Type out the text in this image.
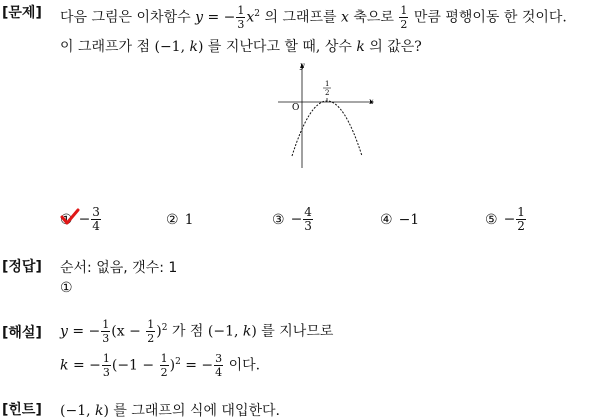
[문제]
[정답]
[해설]
[힌트]
다음 그림은 이차함수 y = − $\frac{1}{3} x^2$ 의 그래프를 x 축으로 $\frac{1}{2}$ 만큼 평행이동 한 것이다.
이 그래프가 점 (−1, k) 를 지난다고 할 때, 상수 k 의 값은?
y
x
O
1
2
① − $\frac{3}{4}$	② 1	③ − $\frac{4}{3}$	④ −1	⑤ − $\frac{1}{2}$
순서: 없음, 갯수: 1
①
y = − $\frac{1}{3} (x - \frac{1}{2} )^2$ 가 점 (−1, k) 를 지나므로
k = − $\frac{1}{3} (-1 - \frac{1}{2} )^2$ = − $\frac{3}{4}$ 이다.
(−1, k) 를 그래프의 식에 대입한다.
